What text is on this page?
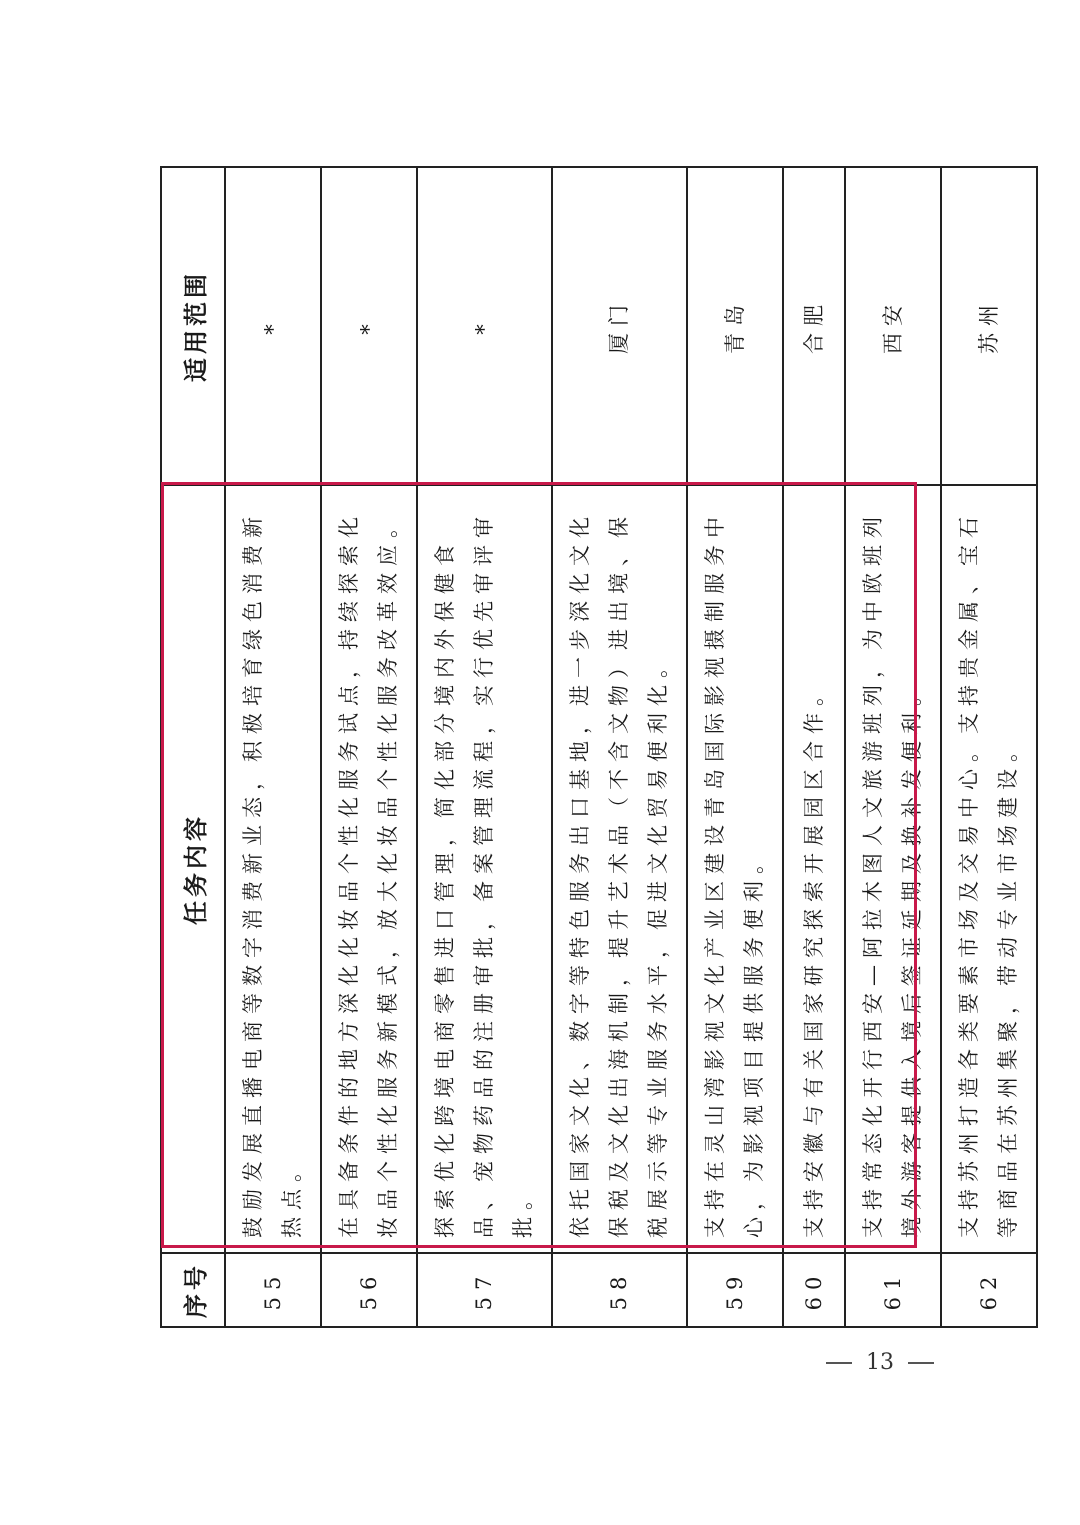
序号	任务内容	适用范围
55	鼓励发展直播电商等数字消费新业态，积极培育绿色消费新热点。	*
56	在具备条件的地方深化化妆品个性化服务试点，持续探索化妆品个性化服务新模式，放大化妆品个性化服务改革效应。	*
57	探索优化跨境电商零售进口管理，简化部分境内外保健食品、宠物药品的注册审批，备案管理流程，实行优先审评审批。	*
58	依托国家文化、数字等特色服务出口基地，进一步深化文化保税及文化出海机制，提升艺术品（不含文物）进出境、保税展示等专业服务水平，促进文化贸易便利化。	厦门
59	支持在灵山湾影视文化产业区建设青岛国际影视摄制服务中心，为影视项目提供服务便利。	青岛
60	支持安徽与有关国家研究探索开展园区合作。	合肥
61	支持常态化开行西安—阿拉木图人文旅游班列，为中欧班列境外游客提供入境后签证延期及换补发便利。	西安
62	支持苏州打造各类要素市场及交易中心。支持贵金属、宝石等商品在苏州集聚，带动专业市场建设。	苏州
13
